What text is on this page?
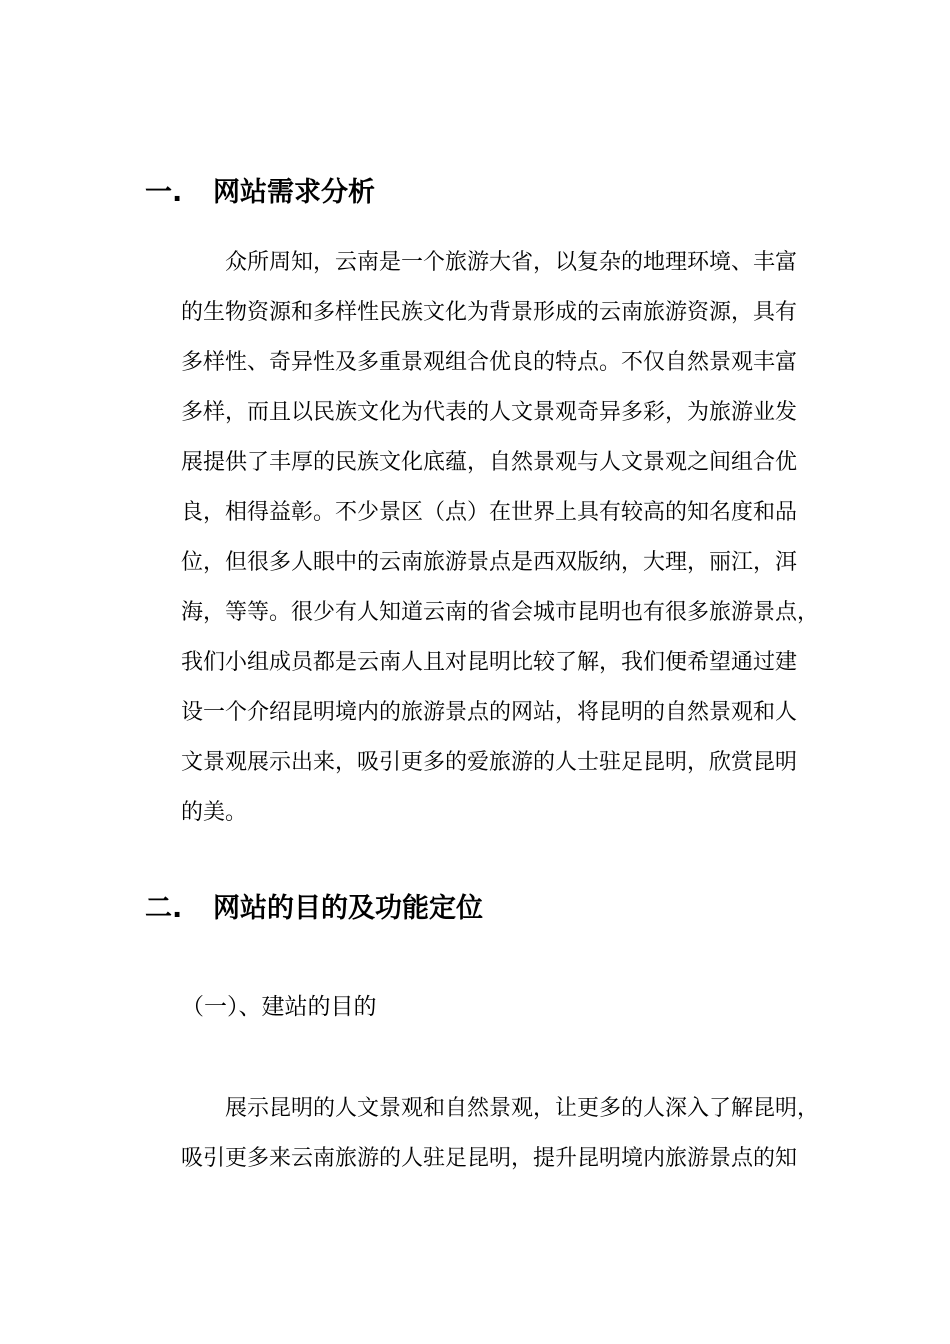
一. 网站需求分析
　　众所周知，云南是一个旅游大省，以复杂的地理环境、丰富
的生物资源和多样性民族文化为背景形成的云南旅游资源，具有
多样性、奇异性及多重景观组合优良的特点。不仅自然景观丰富
多样，而且以民族文化为代表的人文景观奇异多彩，为旅游业发
展提供了丰厚的民族文化底蕴，自然景观与人文景观之间组合优
良，相得益彰。不少景区（点）在世界上具有较高的知名度和品
位，但很多人眼中的云南旅游景点是西双版纳，大理，丽江，洱
海，等等。很少有人知道云南的省会城市昆明也有很多旅游景点，
我们小组成员都是云南人且对昆明比较了解，我们便希望通过建
设一个介绍昆明境内的旅游景点的网站，将昆明的自然景观和人
文景观展示出来，吸引更多的爱旅游的人士驻足昆明，欣赏昆明
的美。
二. 网站的目的及功能定位
（一）、建站的目的
　　展示昆明的人文景观和自然景观，让更多的人深入了解昆明，
吸引更多来云南旅游的人驻足昆明，提升昆明境内旅游景点的知
